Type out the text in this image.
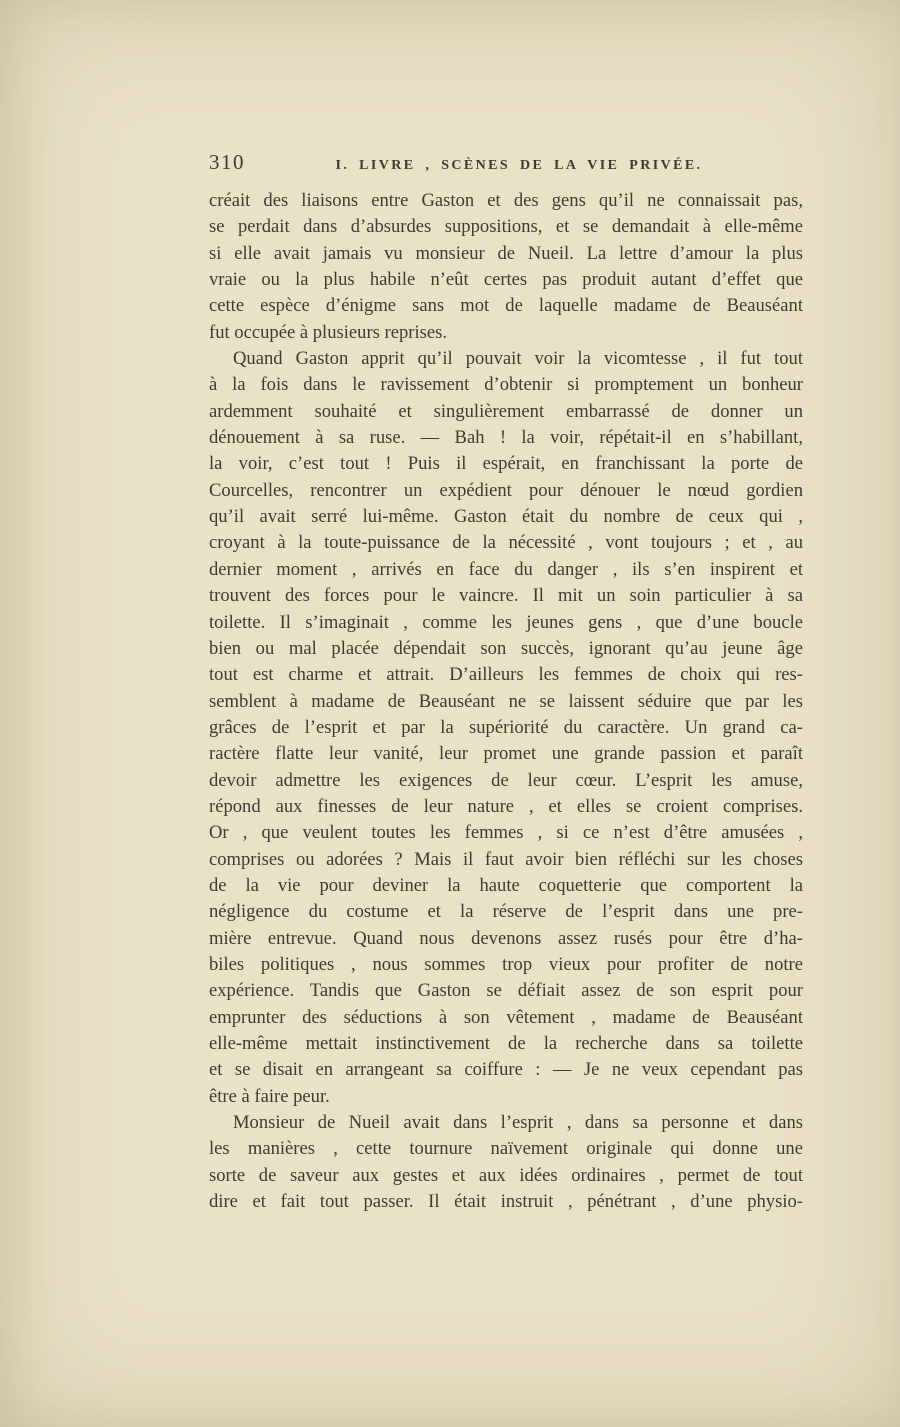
310	I. LIVRE , SCÈNES DE LA VIE PRIVÉE.
créait des liaisons entre Gaston et des gens qu’il ne connaissait pas,
se perdait dans d’absurdes suppositions, et se demandait à elle-même
si elle avait jamais vu monsieur de Nueil. La lettre d’amour la plus
vraie ou la plus habile n’eût certes pas produit autant d’effet que
cette espèce d’énigme sans mot de laquelle madame de Beauséant
fut occupée à plusieurs reprises.
Quand Gaston apprit qu’il pouvait voir la vicomtesse , il fut tout
à la fois dans le ravissement d’obtenir si promptement un bonheur
ardemment souhaité et singulièrement embarrassé de donner un
dénouement à sa ruse. — Bah ! la voir, répétait-il en s’habillant,
la voir, c’est tout ! Puis il espérait, en franchissant la porte de
Courcelles, rencontrer un expédient pour dénouer le nœud gordien
qu’il avait serré lui-même. Gaston était du nombre de ceux qui ,
croyant à la toute-puissance de la nécessité , vont toujours ; et , au
dernier moment , arrivés en face du danger , ils s’en inspirent et
trouvent des forces pour le vaincre. Il mit un soin particulier à sa
toilette. Il s’imaginait , comme les jeunes gens , que d’une boucle
bien ou mal placée dépendait son succès, ignorant qu’au jeune âge
tout est charme et attrait. D’ailleurs les femmes de choix qui res-
semblent à madame de Beauséant ne se laissent séduire que par les
grâces de l’esprit et par la supériorité du caractère. Un grand ca-
ractère flatte leur vanité, leur promet une grande passion et paraît
devoir admettre les exigences de leur cœur. L’esprit les amuse,
répond aux finesses de leur nature , et elles se croient comprises.
Or , que veulent toutes les femmes , si ce n’est d’être amusées ,
comprises ou adorées ? Mais il faut avoir bien réfléchi sur les choses
de la vie pour deviner la haute coquetterie que comportent la
négligence du costume et la réserve de l’esprit dans une pre-
mière entrevue. Quand nous devenons assez rusés pour être d’ha-
biles politiques , nous sommes trop vieux pour profiter de notre
expérience. Tandis que Gaston se défiait assez de son esprit pour
emprunter des séductions à son vêtement , madame de Beauséant
elle-même mettait instinctivement de la recherche dans sa toilette
et se disait en arrangeant sa coiffure : — Je ne veux cependant pas
être à faire peur.
Monsieur de Nueil avait dans l’esprit , dans sa personne et dans
les manières , cette tournure naïvement originale qui donne une
sorte de saveur aux gestes et aux idées ordinaires , permet de tout
dire et fait tout passer. Il était instruit , pénétrant , d’une physio-
